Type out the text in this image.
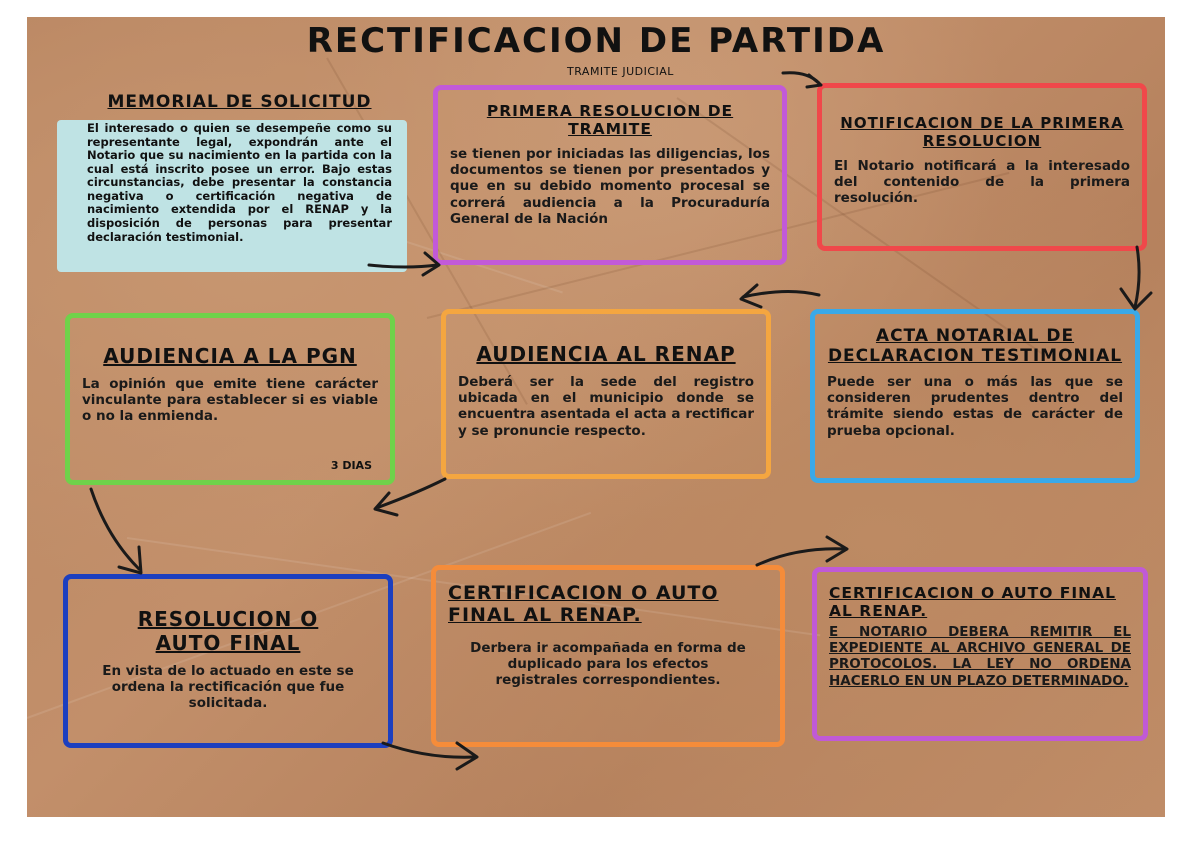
RECTIFICACION DE PARTIDA
TRAMITE JUDICIAL
MEMORIAL DE SOLICITUD
El interesado o quien se desempeñe como su representante legal, expondrán ante el Notario que su nacimiento en la partida con la cual está inscrito posee un error. Bajo estas circunstancias, debe presentar la constancia negativa o certificación negativa de nacimiento extendida por el RENAP y la disposición de personas para presentar declaración testimonial.
PRIMERA RESOLUCION DE TRAMITE
se tienen por iniciadas las diligencias, los documentos se tienen por presentados y que en su debido momento procesal se correrá audiencia a la Procuraduría General de la Nación
NOTIFICACION DE LA PRIMERA RESOLUCION
El Notario notificará a la interesado del contenido de la primera resolución.
AUDIENCIA A LA PGN
La opinión que emite tiene carácter vinculante para establecer si es viable o no la enmienda.
3 DIAS
AUDIENCIA AL RENAP
Deberá ser la sede del registro ubicada en el municipio donde se encuentra asentada el acta a rectificar y se pronuncie respecto.
ACTA NOTARIAL DE DECLARACION TESTIMONIAL
Puede ser una o más las que se consideren prudentes dentro del trámite siendo estas de carácter de prueba opcional.
RESOLUCION O AUTO FINAL
En vista de lo actuado en este se ordena la rectificación que fue solicitada.
CERTIFICACION O AUTO FINAL AL RENAP.
Derbera ir acompañada en forma de duplicado para los efectos registrales correspondientes.
CERTIFICACION O AUTO FINAL AL RENAP.
E NOTARIO DEBERA REMITIR EL EXPEDIENTE AL ARCHIVO GENERAL DE PROTOCOLOS. LA LEY NO ORDENA HACERLO EN UN PLAZO DETERMINADO.
